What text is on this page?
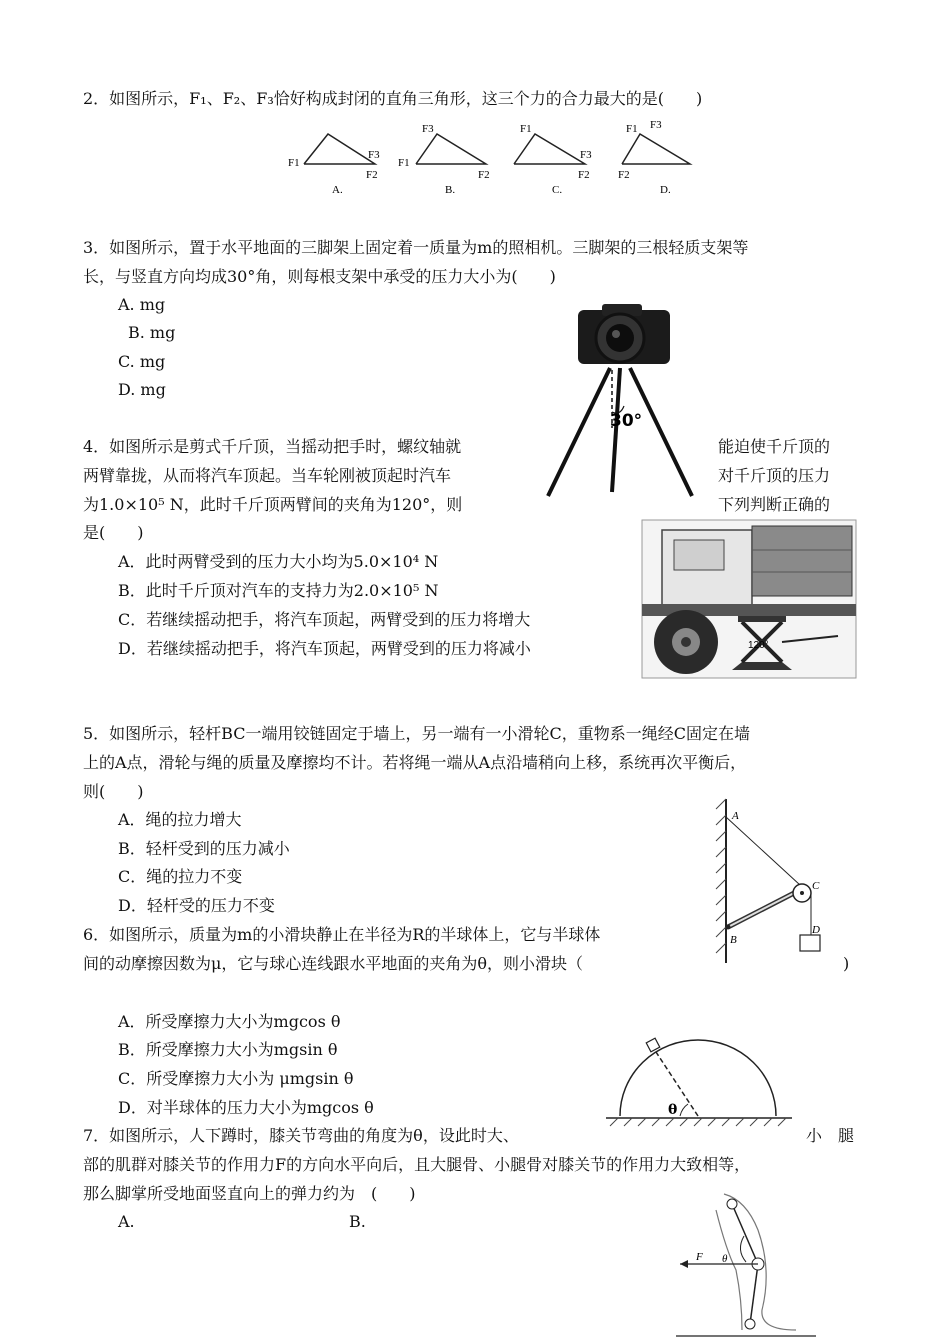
2．如图所示，F₁、F₂、F₃恰好构成封闭的直角三角形，这三个力的合力最大的是(　　)
F1
F2
F3
A.
F1
F2
F3
B.
F1
F2
F3
C.
F1
F2
F3
D.
3．如图所示，置于水平地面的三脚架上固定着一质量为m的照相机。三脚架的三根轻质支架等
长，与竖直方向均成30°角，则每根支架中承受的压力大小为(　　)
A. mg
B. mg
C. mg
D. mg
30°
4．如图所示是剪式千斤顶，当摇动把手时，螺纹轴就	能迫使千斤顶的
两臂靠拢，从而将汽车顶起。当车轮刚被顶起时汽车	对千斤顶的压力
为1.0×10⁵ N，此时千斤顶两臂间的夹角为120°，则	下列判断正确的
是(　　)
A．此时两臂受到的压力大小均为5.0×10⁴ N
B．此时千斤顶对汽车的支持力为2.0×10⁵ N
C．若继续摇动把手，将汽车顶起，两臂受到的压力将增大
D．若继续摇动把手，将汽车顶起，两臂受到的压力将减小	120°
5．如图所示，轻杆BC一端用铰链固定于墙上，另一端有一小滑轮C，重物系一绳经C固定在墙
上的A点，滑轮与绳的质量及摩擦均不计。若将绳一端从A点沿墙稍向上移，系统再次平衡后，
则(　　)
A．绳的拉力增大
B．轻杆受到的压力减小
C．绳的拉力不变
D．轻杆受的压力不变
A
B
C
D
6．如图所示，质量为m的小滑块静止在半径为R的半球体上，它与半球体
间的动摩擦因数为μ，它与球心连线跟水平地面的夹角为θ，则小滑块（	)
A．所受摩擦力大小为mgcos θ
B．所受摩擦力大小为mgsin θ
C．所受摩擦力大小为 μmgsin θ
D．对半球体的压力大小为mgcos θ	θ
7．如图所示，人下蹲时，膝关节弯曲的角度为θ，设此时大、	小　腿
部的肌群对膝关节的作用力F的方向水平向后，且大腿骨、小腿骨对膝关节的作用力大致相等，
那么脚掌所受地面竖直向上的弹力约为　(　　)
A.	B.
F θ
